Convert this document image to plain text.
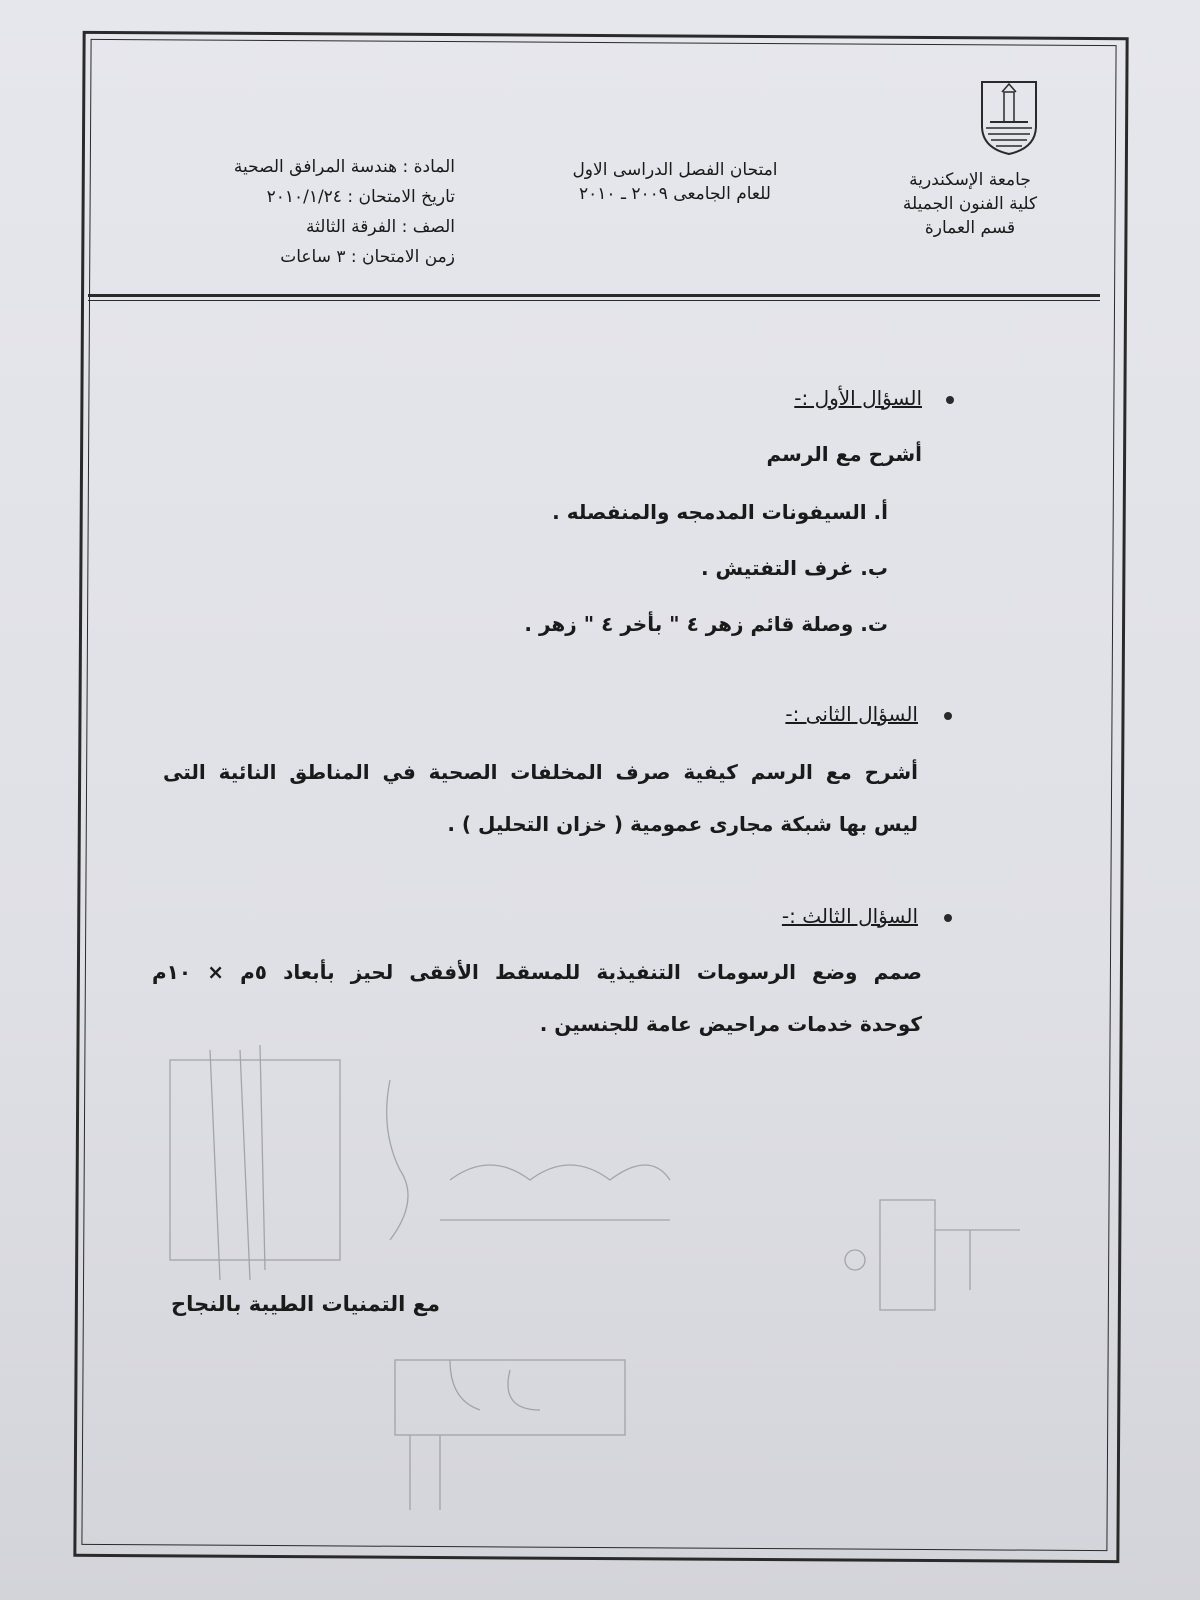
جامعة الإسكندرية
كلية الفنون الجميلة
قسم العمارة
امتحان الفصل الدراسى الاول
للعام الجامعى ٢٠٠٩ ـ ٢٠١٠
المادة : هندسة المرافق الصحية
تاريخ الامتحان : ٢٠١٠/١/٢٤
الصف : الفرقة الثالثة
زمن الامتحان : ٣ ساعات
السؤال الأول :-
أشرح مع الرسم
أ. السيفونات المدمجه والمنفصله .
ب. غرف التفتيش .
ت. وصلة قائم زهر ٤ " بأخر ٤ " زهر .
السؤال الثانى :-
أشرح مع الرسم كيفية صرف المخلفات الصحية في المناطق النائية التى
ليس بها شبكة مجارى عمومية ( خزان التحليل ) .
السؤال الثالث :-
صمم وضع الرسومات التنفيذية للمسقط الأفقى لحيز بأبعاد ٥م × ١٠م
كوحدة خدمات مراحيض عامة للجنسين .
مع التمنيات الطيبة بالنجاح
